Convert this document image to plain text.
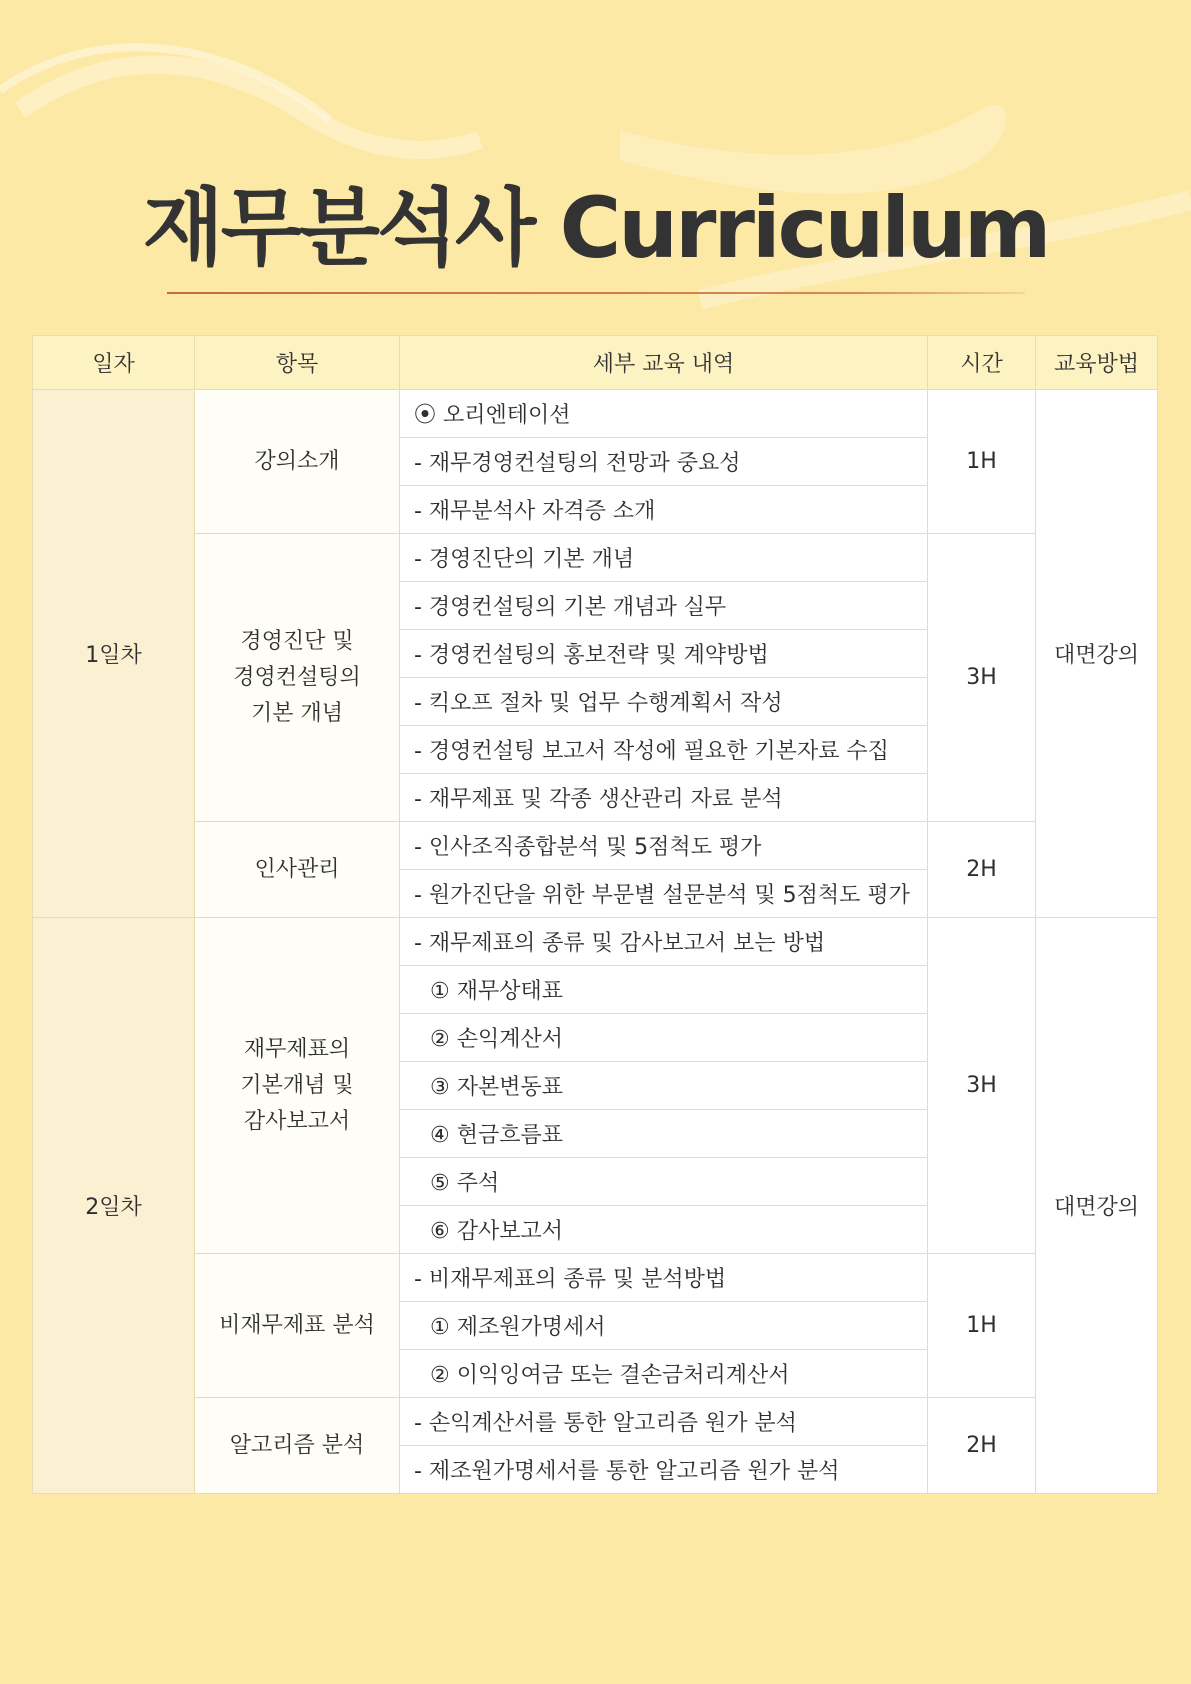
재무분석사 Curriculum
일자	항목	세부 교육 내역	시간	교육방법
1일차	강의소개	⦿ 오리엔테이션	1H	대면강의
		- 재무경영컨설팅의 전망과 중요성		
		- 재무분석사 자격증 소개		

	경영진단 및
경영컨설팅의
기본 개념	- 경영진단의 기본 개념	3H	
		- 경영컨설팅의 기본 개념과 실무		
		- 경영컨설팅의 홍보전략 및 계약방법		
		- 킥오프 절차 및 업무 수행계획서 작성		
		- 경영컨설팅 보고서 작성에 필요한 기본자료 수집		
		- 재무제표 및 각종 생산관리 자료 분석		

	인사관리	- 인사조직종합분석 및 5점척도 평가	2H	
		- 원가진단을 위한 부문별 설문분석 및 5점척도 평가		
2일차	재무제표의
기본개념 및
감사보고서	- 재무제표의 종류 및 감사보고서 보는 방법	3H	대면강의
		① 재무상태표		
		② 손익계산서		
		③ 자본변동표		
		④ 현금흐름표		
		⑤ 주석		
		⑥ 감사보고서		

	비재무제표 분석	- 비재무제표의 종류 및 분석방법	1H	
		① 제조원가명세서		
		② 이익잉여금 또는 결손금처리계산서		

	알고리즘 분석	- 손익계산서를 통한 알고리즘 원가 분석	2H	
		- 제조원가명세서를 통한 알고리즘 원가 분석		
